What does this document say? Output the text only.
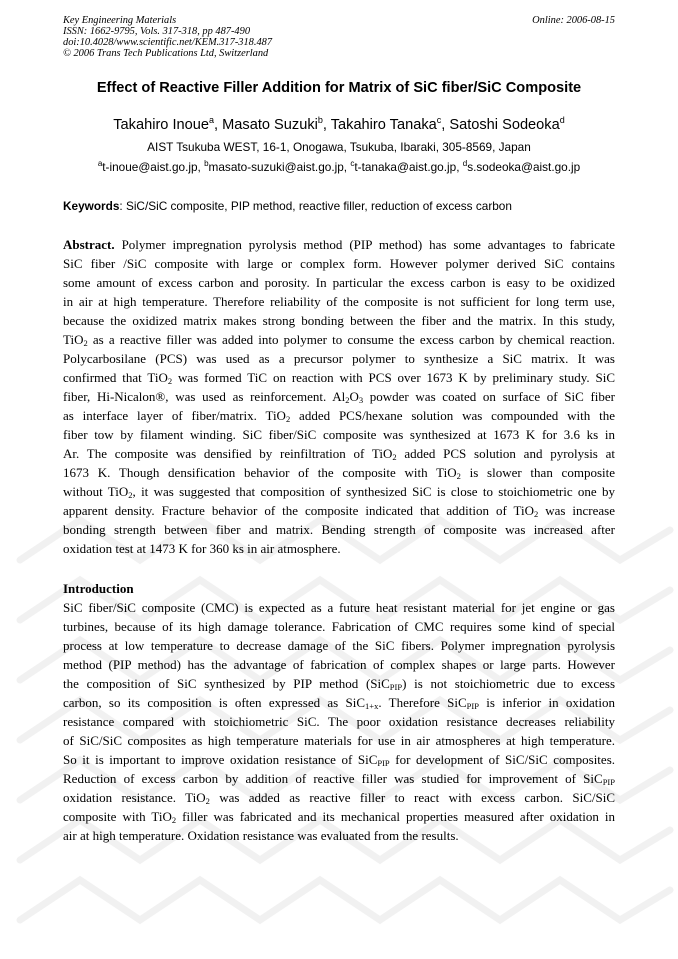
Key Engineering Materials
ISSN: 1662-9795, Vols. 317-318, pp 487-490
doi:10.4028/www.scientific.net/KEM.317-318.487
© 2006 Trans Tech Publications Ltd, Switzerland
Online: 2006-08-15
Effect of Reactive Filler Addition for Matrix of SiC fiber/SiC Composite
Takahiro Inoue$^a$, Masato Suzuki$^b$, Takahiro Tanaka$^c$, Satoshi Sodeoka$^d$
AIST Tsukuba WEST, 16-1, Onogawa, Tsukuba, Ibaraki, 305-8569, Japan
$^a$t-inoue@aist.go.jp, $^b$masato-suzuki@aist.go.jp, $^c$t-tanaka@aist.go.jp, $^d$s.sodeoka@aist.go.jp
Keywords: SiC/SiC composite, PIP method, reactive filler, reduction of excess carbon
Abstract. Polymer impregnation pyrolysis method (PIP method) has some advantages to fabricate
SiC fiber /SiC composite with large or complex form. However polymer derived SiC contains
some amount of excess carbon and porosity. In particular the excess carbon is easy to be oxidized
in air at high temperature. Therefore reliability of the composite is not sufficient for long term use,
because the oxidized matrix makes strong bonding between the fiber and the matrix. In this study,
TiO$_2$ as a reactive filler was added into polymer to consume the excess carbon by chemical reaction.
Polycarbosilane (PCS) was used as a precursor polymer to synthesize a SiC matrix. It was
confirmed that TiO$_2$ was formed TiC on reaction with PCS over 1673 K by preliminary study. SiC
fiber, Hi-Nicalon®, was used as reinforcement. $Al_2O_3$ powder was coated on surface of SiC fiber
as interface layer of fiber/matrix. TiO$_2$ added PCS/hexane solution was compounded with the
fiber tow by filament winding. SiC fiber/SiC composite was synthesized at 1673 K for 3.6 ks in
Ar. The composite was densified by reinfiltration of TiO$_2$ added PCS solution and pyrolysis at
1673 K. Though densification behavior of the composite with TiO$_2$ is slower than composite
without TiO$_2$, it was suggested that composition of synthesized SiC is close to stoichiometric one by
apparent density. Fracture behavior of the composite indicated that addition of TiO$_2$ was increase
bonding strength between fiber and matrix. Bending strength of composite was increased after
oxidation test at 1473 K for 360 ks in air atmosphere.
Introduction
SiC fiber/SiC composite (CMC) is expected as a future heat resistant material for jet engine or gas
turbines, because of its high damage tolerance. Fabrication of CMC requires some kind of special
process at low temperature to decrease damage of the SiC fibers. Polymer impregnation pyrolysis
method (PIP method) has the advantage of fabrication of complex shapes or large parts. However
the composition of SiC synthesized by PIP method (SiC$_{PIP}$) is not stoichiometric due to excess
carbon, so its composition is often expressed as SiC$_{1+x}$. Therefore SiC$_{PIP}$ is inferior in oxidation
resistance compared with stoichiometric SiC. The poor oxidation resistance decreases reliability
of SiC/SiC composites as high temperature materials for use in air atmospheres at high temperature.
So it is important to improve oxidation resistance of SiC$_{PIP}$ for development of SiC/SiC composites.
Reduction of excess carbon by addition of reactive filler was studied for improvement of SiC$_{PIP}$
oxidation resistance. TiO$_2$ was added as reactive filler to react with excess carbon. SiC/SiC
composite with TiO$_2$ filler was fabricated and its mechanical properties measured after oxidation in
air at high temperature. Oxidation resistance was evaluated from the results.
